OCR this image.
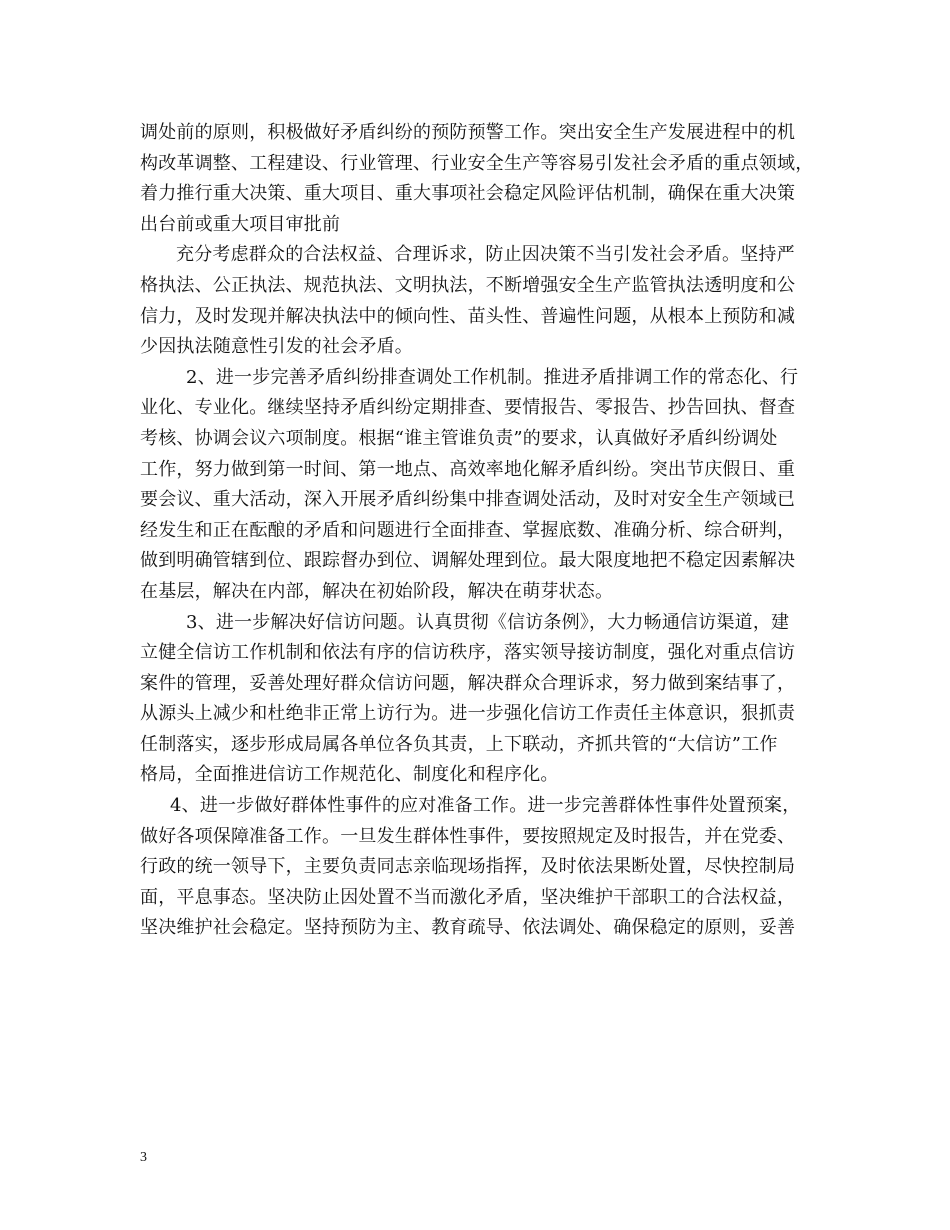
调处前的原则，积极做好矛盾纠纷的预防预警工作。突出安全生产发展进程中的机
构改革调整、工程建设、行业管理、行业安全生产等容易引发社会矛盾的重点领域，
着力推行重大决策、重大项目、重大事项社会稳定风险评估机制，确保在重大决策
出台前或重大项目审批前
充分考虑群众的合法权益、合理诉求，防止因决策不当引发社会矛盾。坚持严
格执法、公正执法、规范执法、文明执法，不断增强安全生产监管执法透明度和公
信力，及时发现并解决执法中的倾向性、苗头性、普遍性问题，从根本上预防和减
少因执法随意性引发的社会矛盾。
2、进一步完善矛盾纠纷排查调处工作机制。推进矛盾排调工作的常态化、行
业化、专业化。继续坚持矛盾纠纷定期排查、要情报告、零报告、抄告回执、督查
考核、协调会议六项制度。根据“谁主管谁负责”的要求，认真做好矛盾纠纷调处
工作，努力做到第一时间、第一地点、高效率地化解矛盾纠纷。突出节庆假日、重
要会议、重大活动，深入开展矛盾纠纷集中排查调处活动，及时对安全生产领域已
经发生和正在酝酿的矛盾和问题进行全面排查、掌握底数、准确分析、综合研判，
做到明确管辖到位、跟踪督办到位、调解处理到位。最大限度地把不稳定因素解决
在基层，解决在内部，解决在初始阶段，解决在萌芽状态。
3、进一步解决好信访问题。认真贯彻《信访条例》，大力畅通信访渠道，建
立健全信访工作机制和依法有序的信访秩序，落实领导接访制度，强化对重点信访
案件的管理，妥善处理好群众信访问题，解决群众合理诉求，努力做到案结事了，
从源头上减少和杜绝非正常上访行为。进一步强化信访工作责任主体意识，狠抓责
任制落实，逐步形成局属各单位各负其责，上下联动，齐抓共管的“大信访”工作
格局，全面推进信访工作规范化、制度化和程序化。
4、进一步做好群体性事件的应对准备工作。进一步完善群体性事件处置预案，
做好各项保障准备工作。一旦发生群体性事件，要按照规定及时报告，并在党委、
行政的统一领导下，主要负责同志亲临现场指挥，及时依法果断处置，尽快控制局
面，平息事态。坚决防止因处置不当而激化矛盾，坚决维护干部职工的合法权益，
坚决维护社会稳定。坚持预防为主、教育疏导、依法调处、确保稳定的原则，妥善
3
